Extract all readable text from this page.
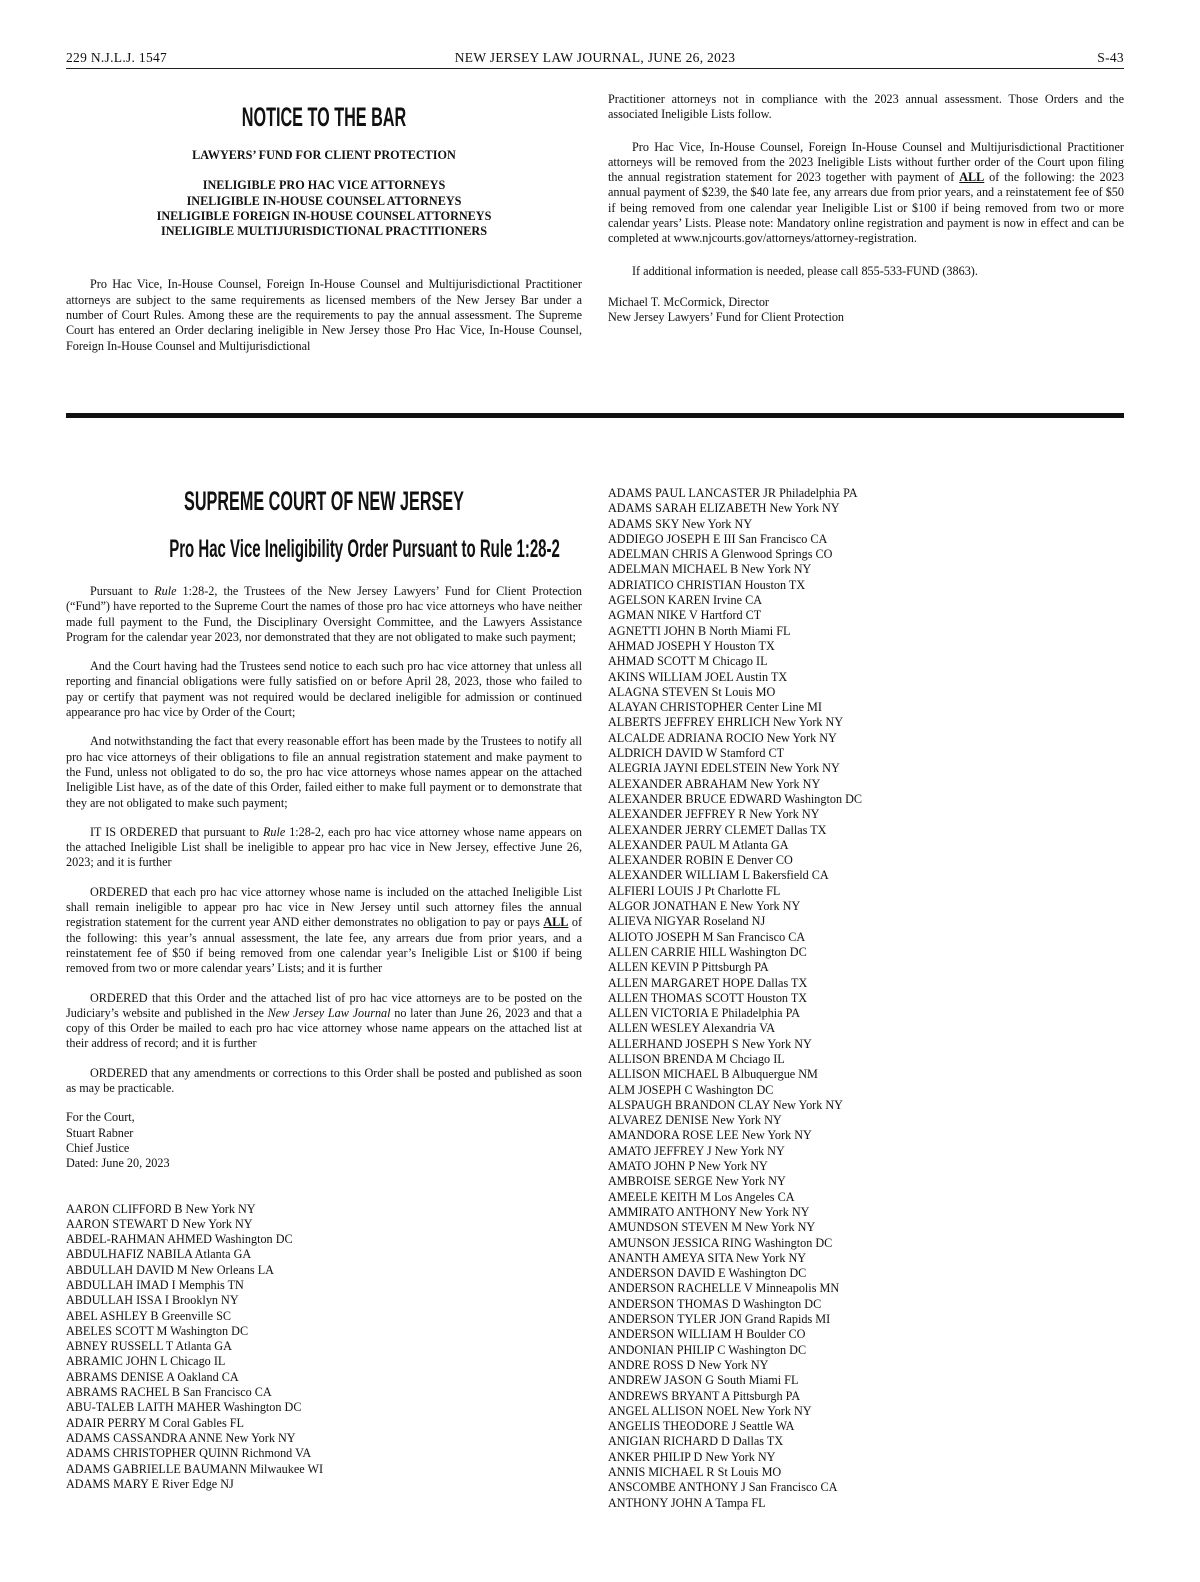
229 N.J.L.J. 1547	NEW JERSEY LAW JOURNAL, JUNE 26, 2023	S-43
NOTICE TO THE BAR
LAWYERS’ FUND FOR CLIENT PROTECTION
INELIGIBLE PRO HAC VICE ATTORNEYS
INELIGIBLE IN-HOUSE COUNSEL ATTORNEYS
INELIGIBLE FOREIGN IN-HOUSE COUNSEL ATTORNEYS
INELIGIBLE MULTIJURISDICTIONAL PRACTITIONERS

Pro Hac Vice, In-House Counsel, Foreign In-House Counsel and Multijurisdictional Practitioner attorneys are subject to the same requirements as licensed members of the New Jersey Bar under a number of Court Rules. Among these are the requirements to pay the annual assessment. The Supreme Court has entered an Order declaring ineligible in New Jersey those Pro Hac Vice, In-House Counsel, Foreign In-House Counsel and Multijurisdictional

Practitioner attorneys not in compliance with the 2023 annual assessment. Those Orders and the associated Ineligible Lists follow.

Pro Hac Vice, In-House Counsel, Foreign In-House Counsel and Multijurisdictional Practitioner attorneys will be removed from the 2023 Ineligible Lists without further order of the Court upon filing the annual registration statement for 2023 together with payment of ALL of the following: the 2023 annual payment of $239, the $40 late fee, any arrears due from prior years, and a reinstatement fee of $50 if being removed from one calendar year Ineligible List or $100 if being removed from two or more calendar years’ Lists. Please note: Mandatory online registration and payment is now in effect and can be completed at www.njcourts.gov/attorneys/attorney-registration.

If additional information is needed, please call 855-533-FUND (3863).

Michael T. McCormick, Director
New Jersey Lawyers’ Fund for Client Protection
SUPREME COURT OF NEW JERSEY
Pro Hac Vice Ineligibility Order Pursuant to Rule 1:28-2

Pursuant to Rule 1:28-2, the Trustees of the New Jersey Lawyers’ Fund for Client Protection (“Fund”) have reported to the Supreme Court the names of those pro hac vice attorneys who have neither made full payment to the Fund, the Disciplinary Oversight Committee, and the Lawyers Assistance Program for the calendar year 2023, nor demonstrated that they are not obligated to make such payment;

And the Court having had the Trustees send notice to each such pro hac vice attorney that unless all reporting and financial obligations were fully satisfied on or before April 28, 2023, those who failed to pay or certify that payment was not required would be declared ineligible for admission or continued appearance pro hac vice by Order of the Court;

And notwithstanding the fact that every reasonable effort has been made by the Trustees to notify all pro hac vice attorneys of their obligations to file an annual registration statement and make payment to the Fund, unless not obligated to do so, the pro hac vice attorneys whose names appear on the attached Ineligible List have, as of the date of this Order, failed either to make full payment or to demonstrate that they are not obligated to make such payment;

IT IS ORDERED that pursuant to Rule 1:28-2, each pro hac vice attorney whose name appears on the attached Ineligible List shall be ineligible to appear pro hac vice in New Jersey, effective June 26, 2023; and it is further

ORDERED that each pro hac vice attorney whose name is included on the attached Ineligible List shall remain ineligible to appear pro hac vice in New Jersey until such attorney files the annual registration statement for the current year AND either demonstrates no obligation to pay or pays ALL of the following: this year’s annual assessment, the late fee, any arrears due from prior years, and a reinstatement fee of $50 if being removed from one calendar year’s Ineligible List or $100 if being removed from two or more calendar years’ Lists; and it is further

ORDERED that this Order and the attached list of pro hac vice attorneys are to be posted on the Judiciary’s website and published in the New Jersey Law Journal no later than June 26, 2023 and that a copy of this Order be mailed to each pro hac vice attorney whose name appears on the attached list at their address of record; and it is further

ORDERED that any amendments or corrections to this Order shall be posted and published as soon as may be practicable.

For the Court,
Stuart Rabner
Chief Justice
Dated: June 20, 2023
AARON CLIFFORD B New York NY
AARON STEWART D New York NY
ABDEL-RAHMAN AHMED Washington DC
ABDULHAFIZ NABILA Atlanta GA
ABDULLAH DAVID M New Orleans LA
ABDULLAH IMAD I Memphis TN
ABDULLAH ISSA I Brooklyn NY
ABEL ASHLEY B Greenville SC
ABELES SCOTT M Washington DC
ABNEY RUSSELL T Atlanta GA
ABRAMIC JOHN L Chicago IL
ABRAMS DENISE A Oakland CA
ABRAMS RACHEL B San Francisco CA
ABU-TALEB LAITH MAHER Washington DC
ADAIR PERRY M Coral Gables FL
ADAMS CASSANDRA ANNE New York NY
ADAMS CHRISTOPHER QUINN Richmond VA
ADAMS GABRIELLE BAUMANN Milwaukee WI
ADAMS MARY E River Edge NJ
ADAMS PAUL LANCASTER JR Philadelphia PA
ADAMS SARAH ELIZABETH New York NY
ADAMS SKY New York NY
ADDIEGO JOSEPH E III San Francisco CA
ADELMAN CHRIS A Glenwood Springs CO
ADELMAN MICHAEL B New York NY
ADRIATICO CHRISTIAN Houston TX
AGELSON KAREN Irvine CA
AGMAN NIKE V Hartford CT
AGNETTI JOHN B North Miami FL
AHMAD JOSEPH Y Houston TX
AHMAD SCOTT M Chicago IL
AKINS WILLIAM JOEL Austin TX
ALAGNA STEVEN St Louis MO
ALAYAN CHRISTOPHER Center Line MI
ALBERTS JEFFREY EHRLICH New York NY
ALCALDE ADRIANA ROCIO New York NY
ALDRICH DAVID W Stamford CT
ALEGRIA JAYNI EDELSTEIN New York NY
ALEXANDER ABRAHAM New York NY
ALEXANDER BRUCE EDWARD Washington DC
ALEXANDER JEFFREY R New York NY
ALEXANDER JERRY CLEMET Dallas TX
ALEXANDER PAUL M Atlanta GA
ALEXANDER ROBIN E Denver CO
ALEXANDER WILLIAM L Bakersfield CA
ALFIERI LOUIS J Pt Charlotte FL
ALGOR JONATHAN E New York NY
ALIEVA NIGYAR Roseland NJ
ALIOTO JOSEPH M San Francisco CA
ALLEN CARRIE HILL Washington DC
ALLEN KEVIN P Pittsburgh PA
ALLEN MARGARET HOPE Dallas TX
ALLEN THOMAS SCOTT Houston TX
ALLEN VICTORIA E Philadelphia PA
ALLEN WESLEY Alexandria VA
ALLERHAND JOSEPH S New York NY
ALLISON BRENDA M Chciago IL
ALLISON MICHAEL B Albuquergue NM
ALM JOSEPH C Washington DC
ALSPAUGH BRANDON CLAY New York NY
ALVAREZ DENISE New York NY
AMANDORA ROSE LEE New York NY
AMATO JEFFREY J New York NY
AMATO JOHN P New York NY
AMBROISE SERGE New York NY
AMEELE KEITH M Los Angeles CA
AMMIRATO ANTHONY New York NY
AMUNDSON STEVEN M New York NY
AMUNSON JESSICA RING Washington DC
ANANTH AMEYA SITA New York NY
ANDERSON DAVID E Washington DC
ANDERSON RACHELLE V Minneapolis MN
ANDERSON THOMAS D Washington DC
ANDERSON TYLER JON Grand Rapids MI
ANDERSON WILLIAM H Boulder CO
ANDONIAN PHILIP C Washington DC
ANDRE ROSS D New York NY
ANDREW JASON G South Miami FL
ANDREWS BRYANT A Pittsburgh PA
ANGEL ALLISON NOEL New York NY
ANGELIS THEODORE J Seattle WA
ANIGIAN RICHARD D Dallas TX
ANKER PHILIP D New York NY
ANNIS MICHAEL R St Louis MO
ANSCOMBE ANTHONY J San Francisco CA
ANTHONY JOHN A Tampa FL
